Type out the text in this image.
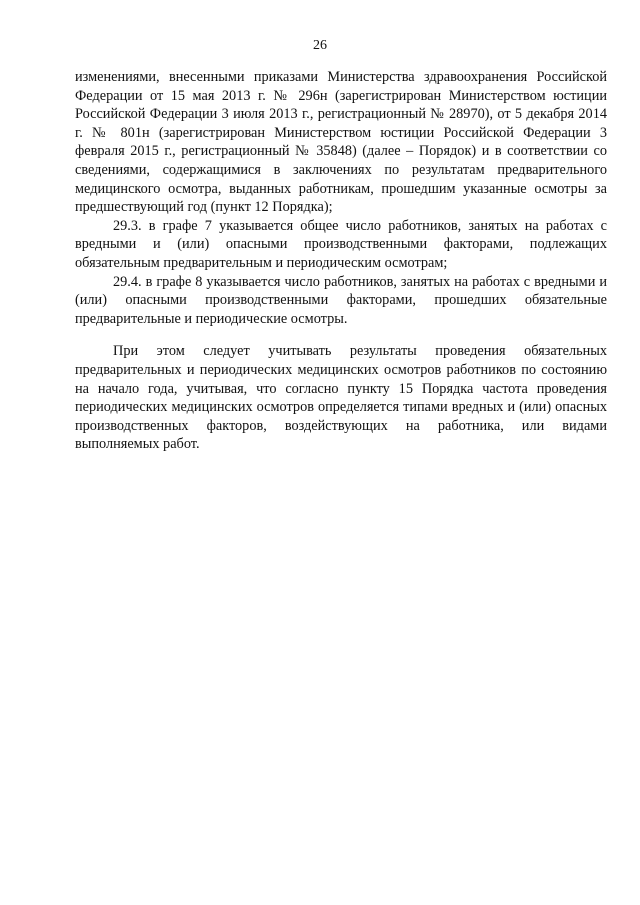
26

изменениями, внесенными приказами Министерства здравоохранения Российской Федерации от 15 мая 2013 г. № 296н (зарегистрирован Министерством юстиции Российской Федерации 3 июля 2013 г., регистрационный № 28970), от 5 декабря 2014 г. № 801н (зарегистрирован Министерством юстиции Российской Федерации 3 февраля 2015 г., регистрационный № 35848) (далее – Порядок) и в соответствии со сведениями, содержащимися в заключениях по результатам предварительного медицинского осмотра, выданных работникам, прошедшим указанные осмотры за предшествующий год (пункт 12 Порядка);

29.3. в графе 7 указывается общее число работников, занятых на работах с вредными и (или) опасными производственными факторами, подлежащих обязательным предварительным и периодическим осмотрам;

29.4. в графе 8 указывается число работников, занятых на работах с вредными и (или) опасными производственными факторами, прошедших обязательные предварительные и периодические осмотры.

При этом следует учитывать результаты проведения обязательных предварительных и периодических медицинских осмотров работников по состоянию на начало года, учитывая, что согласно пункту 15 Порядка частота проведения периодических медицинских осмотров определяется типами вредных и (или) опасных производственных факторов, воздействующих на работника, или видами выполняемых работ.
